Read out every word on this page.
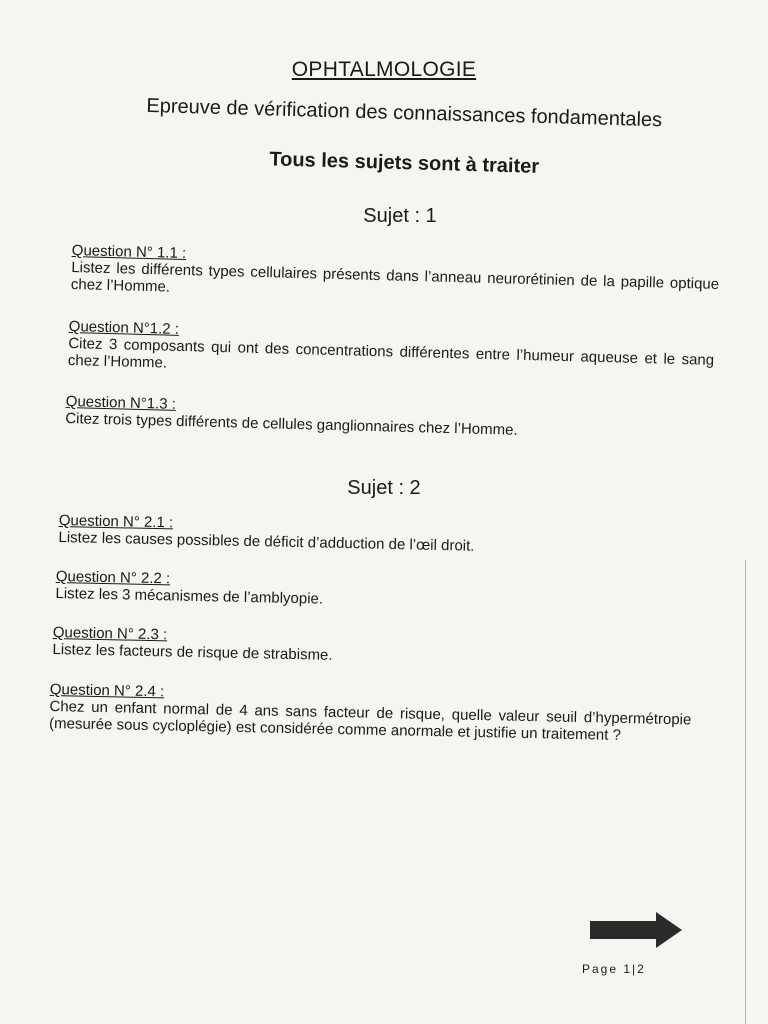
OPHTALMOLOGIE
Epreuve de vérification des connaissances fondamentales
Tous les sujets sont à traiter
Sujet : 1
Question N° 1.1 :
Listez les différents types cellulaires présents dans l’anneau neurorétinien de la papille optique chez l’Homme.
Question N°1.2 :
Citez 3 composants qui ont des concentrations différentes entre l’humeur aqueuse et le sang chez l’Homme.
Question N°1.3 :
Citez trois types différents de cellules ganglionnaires chez l’Homme.
Sujet : 2
Question N° 2.1 :
Listez les causes possibles de déficit d’adduction de l’œil droit.
Question N° 2.2 :
Listez les 3 mécanismes de l’amblyopie.
Question N° 2.3 :
Listez les facteurs de risque de strabisme.
Question N° 2.4 :
Chez un enfant normal de 4 ans sans facteur de risque, quelle valeur seuil d’hypermétropie (mesurée sous cycloplégie) est considérée comme anormale et justifie un traitement ?
Page 1|2
